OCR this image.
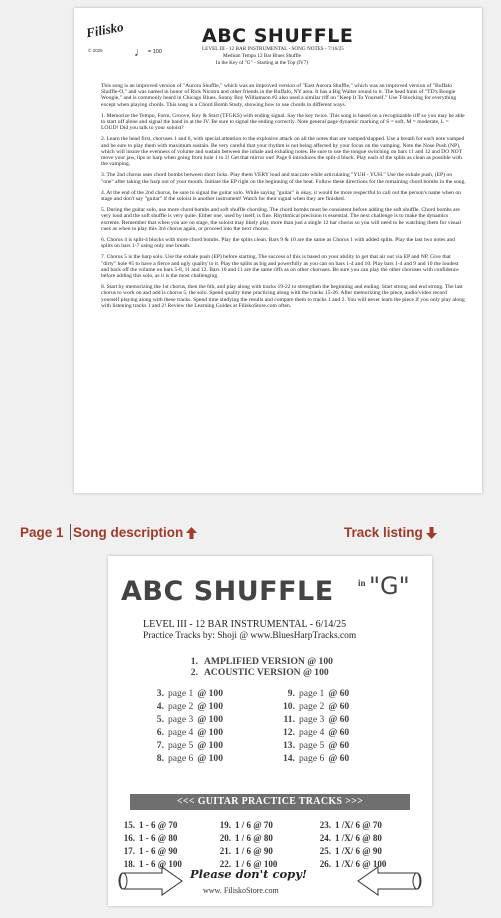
Filisko
© 2025	♩ = 100
ABC SHUFFLE
LEVEL III - 12 BAR INSTRUMENTAL - SONG NOTES - 7/16/25
Medium Tempo 12 Bar Blues Shuffle
In the Key of "G" - Starting at the Top (IV7)

This song is an improved version of "Aurora Shuffle," which was an improved version of "East Aurora Shuffle," which was an improved version of "Buffalo Shuffle-O," and was named in honor of Rick Nicotra and other friends in the Buffalo, NY area. It has a Big Walter sound to it. The head hints of "TD's Boogie Woogie," and is commonly heard in Chicago Blues. Sonny Boy Williamson #2 also used a similar riff on "Keep It To Yourself." Use T-blocking for everything except when playing chords. This song is a Chord Bomb Study, showing how to use chords in different ways.

1. Memorize the Tempo, Form, Groove, Key & Start (TFGKS) with ending signal. Say the key twice. This song is based on a recognizable riff so you may be able to start off alone and signal the band in at the IV. Be sure to signal the ending correctly. Note general page dynamic marking of S = soft, M = moderate, L = LOUD! Did you talk to your soloist?

2. Learn the head first, choruses 1 and 6, with special attention to the explosive attack on all the notes that are vamped/slapped. Use a breath for each note vamped and be sure to play them with maximum sustain. Be very careful that your rhythm is not being affected by your focus on the vamping. Note the Nose Push (NP), which will insure the evenness of volume and sustain between the inhale and exhaling notes. Be sure to use the tongue switching on bars 11 and 12 and DO NOT move your jaw, lips or harp when going from hole 1 to 3! Get that mirror out! Page 6 introduces the split-4 block. Play each of the splits as clean as possible with the vamping.

3. The 2nd chorus uses chord bombs between short licks. Play them VERY loud and staccato while articulating "YUH - YUH." Use the exhale push, (EP) on "one" after taking the harp out of your mouth. Initiate the EP right on the beginning of the beat. Follow these directions for the remaining chord bombs in the song.

4. At the end of the 2nd chorus, be sure to signal the guitar solo. While saying "guitar" is okay, it would be more respectful to call out the person's name when on stage and don't say "guitar" if the soloist is another instrument! Watch for their signal when they are finished.

5. During the guitar solo, use more chord bombs and soft shuffle chording. The chord bombs must be consistent before adding the soft shuffle. Chord bombs are very loud and the soft shuffle is very quite. Either one, used by itself, is fine. Rhythmical precision is essential. The next challenge is to make the dynamics extreme. Remember that when you are on stage, the soloist may likely play more than just a single 12 bar chorus so you will need to be watching them for visual cues as when to play this 3rd chorus again, or proceed into the next chorus.

6. Chorus 4 is split-4 blocks with more chord bombs. Play the splits clean. Bars 9 & 10 are the same as Chorus 1 with added splits. Play the last two notes and splits on bars 1-7 using only one breath.

7. Chorus 5 is the harp solo. Use the exhale push (EP) before starting. The success of this is based on your ability to get that air out via EP and NP. Give that "dirty" hole #5 to have a fierce and ugly quality to it. Play the splits as big and powerfully as you can on bars 1-4 and 10. Play bars 1-4 and 9 and 10 the loudest and back off the volume on bars 5-8, 11 and 12. Bars 10 and 11 are the same riffs as on other choruses. Be sure you can play the other choruses with confidence before adding this solo, as it is the most challenging.

8. Start by memorizing the 1st chorus, then the 6th, and play along with tracks 19-22 to strengthen the beginning and ending. Start strong and end strong. The last chorus to work on and add is chorus 5, the solo. Spend quality time practicing along with the tracks 15-26. After memorizing the piece, audio/video record yourself playing along with these tracks. Spend time studying the results and compare them to tracks 1 and 2. You will never learn the piece if you only play along with listening tracks 1 and 2! Review the Learning Guides at FiliskoStore.com often.

Page 1 Song description	Track listing
ABC SHUFFLE	in "G"
LEVEL III - 12 BAR INSTRUMENTAL - 6/14/25
Practice Tracks by: Shoji @ www.BluesHarpTracks.com
1. AMPLIFIED VERSION @ 100
2. ACOUSTIC VERSION @ 100
3. page 1 @ 100
4. page 2 @ 100
5. page 3 @ 100
6. page 4 @ 100
7. page 5 @ 100
8. page 6 @ 100
9. page 1 @ 60
10. page 2 @ 60
11. page 3 @ 60
12. page 4 @ 60
13. page 5 @ 60
14. page 6 @ 60
<<< GUITAR PRACTICE TRACKS >>>
15. 1 - 6 @ 70
16. 1 - 6 @ 80
17. 1 - 6 @ 90
18. 1 - 6 @ 100
19. 1 / 6 @ 70
20. 1 / 6 @ 80
21. 1 / 6 @ 90
22. 1 / 6 @ 100
23. 1 /X/ 6 @ 70
24. 1 /X/ 6 @ 80
25. 1 /X/ 6 @ 90
26. 1 /X/ 6 @ 100
Please don't copy!
www. FiliskoStore.com
